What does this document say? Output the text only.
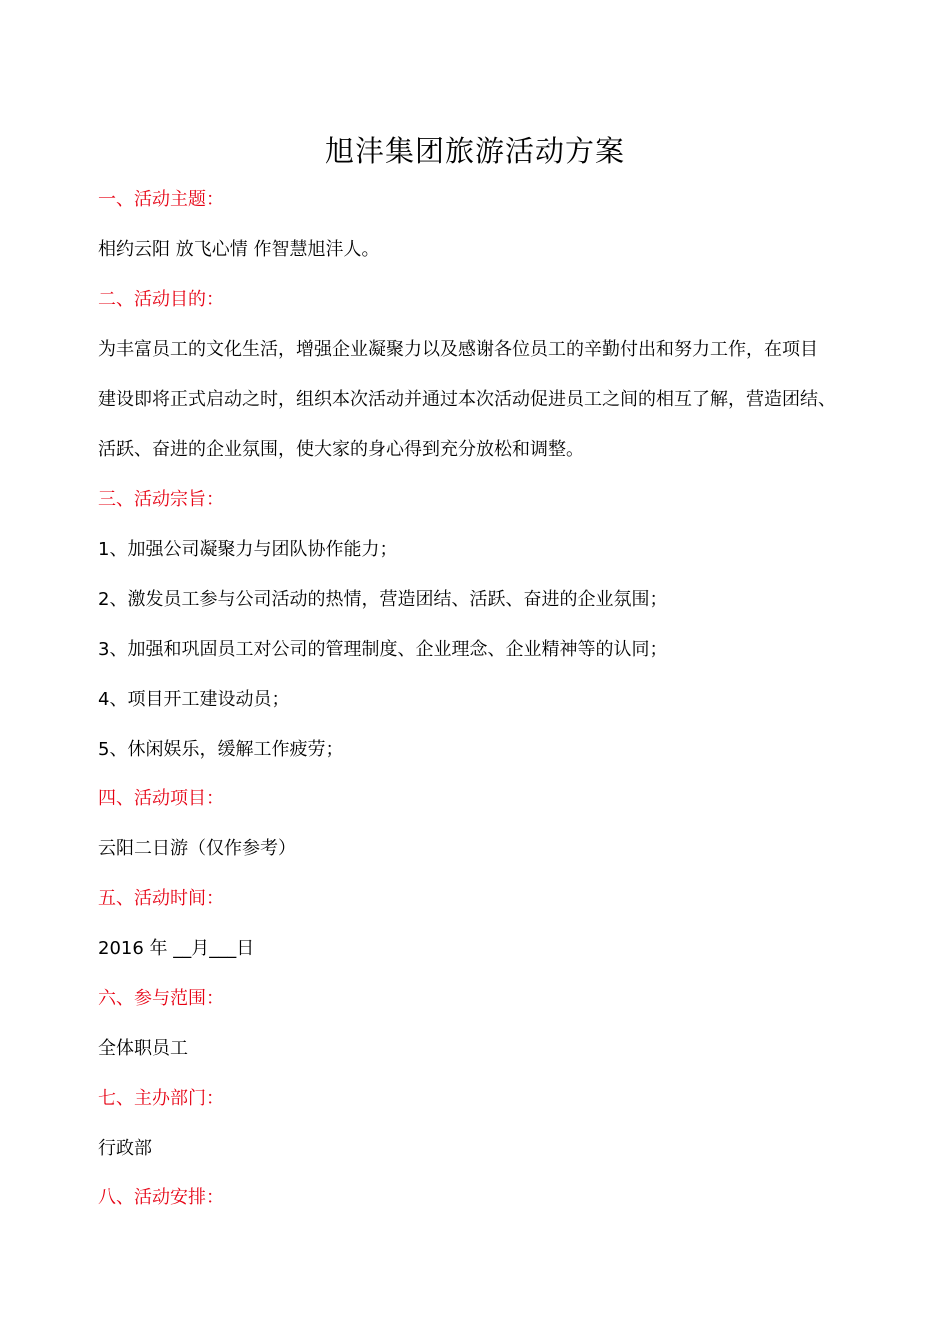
旭沣集团旅游活动方案
一、活动主题：
相约云阳 放飞心情 作智慧旭沣人。
二、活动目的：
为丰富员工的文化生活，增强企业凝聚力以及感谢各位员工的辛勤付出和努力工作，在项目
建设即将正式启动之时，组织本次活动并通过本次活动促进员工之间的相互了解，营造团结、
活跃、奋进的企业氛围，使大家的身心得到充分放松和调整。
三、活动宗旨：
1、加强公司凝聚力与团队协作能力；
2、激发员工参与公司活动的热情，营造团结、活跃、奋进的企业氛围；
3、加强和巩固员工对公司的管理制度、企业理念、企业精神等的认同；
4、项目开工建设动员；
5、休闲娱乐，缓解工作疲劳；
四、活动项目：
云阳二日游（仅作参考）
五、活动时间：
2016 年 __月___日
六、参与范围：
全体职员工
七、主办部门：
行政部
八、活动安排：
